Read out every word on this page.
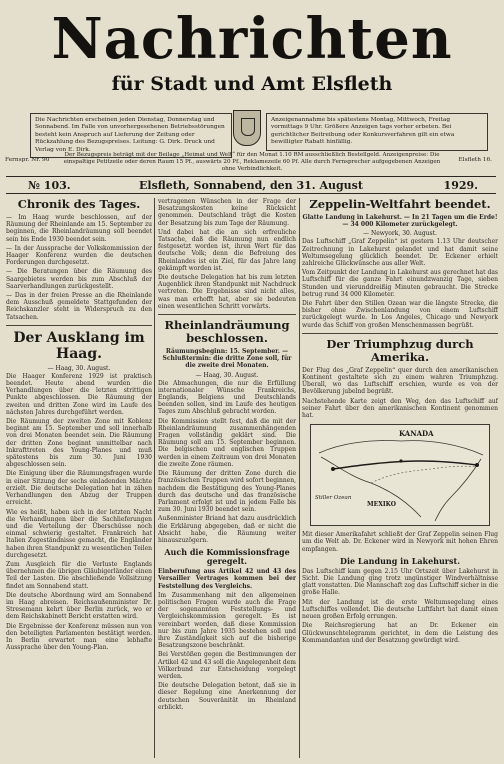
Nachrichten
für Stadt und Amt Elsfleth
Die Nachrichten erscheinen jeden Dienstag, Donnerstag und Sonnabend. Im Falle von unvorhergesehenen Betriebsstörungen besteht kein Anspruch auf Lieferung der Zeitung oder Rückzahlung des Bezugspreises. Leitung: G. Dirk. Druck und Verlag von E. Dirk.
Anzeigenannahme bis spätestens Montag, Mittwoch, Freitag vormittags 9 Uhr. Größere Anzeigen tags vorher erbeten. Bei gerichtlicher Beitreibung oder Konkursverfahren gilt ein etwa bewilligter Rabatt hinfällig.
Fernspr. Nr. 90
Der Bezugspreis beträgt mit der Beilage „Heimat und Welt“ für den Monat 1.10 RM ausschließlich Bestellgeld. Anzeigenpreise: Die einspaltige Petitzeile oder deren Raum 15 Pf., auswärts 20 Pf., Reklamezeile 60 Pf. Alle durch Fernsprecher aufgegebenen Anzeigen ohne Verbindlichkeit.
Elsfleth 16.
№ 103.	Elsfleth, Sonnabend, den 31. August	1929.
Chronik des Tages.

— Im Haag wurde beschlossen, auf der Räumung der Rheinlande am 15. September zu beginnen, die Rheinlandräumung soll beendet sein bis Ende 1930 beendet sein.

— In der Aussprache der Volkskommission der Haager Konferenz wurden die deutschen Forderungen durchgesetzt.

— Die Beratungen über die Räumung des Saargebietes werden bis zum Abschluß der Saarverhandlungen zurückgestellt.

— Das in der freien Presse an die Rheinlande dem Ausschuß gemeldete Stattgefunden der Reichskanzler steht in Widerspruch zu den Tatsachen.

Der Ausklang im Haag.
— Haag, 30. August.

Die Haager Konferenz 1929 ist praktisch beendet. Heute abend wurden die Verhandlungen über die letzten strittigen Punkte abgeschlossen. Die Räumung der zweiten und dritten Zone wird im Laufe des nächsten Jahres durchgeführt werden.

Die Räumung der zweiten Zone mit Koblenz beginnt am 15. September und soll innerhalb von drei Monaten beendet sein. Die Räumung der dritten Zone beginnt unmittelbar nach Inkrafttreten des Young-Planes und muß spätestens bis zum 30. Juni 1930 abgeschlossen sein.

Die Einigung über die Räumungsfragen wurde in einer Sitzung der sechs einladenden Mächte erzielt. Die deutsche Delegation hat in zähen Verhandlungen den Abzug der Truppen erreicht.

Wie es heißt, haben sich in der letzten Nacht die Verhandlungen über die Sachlieferungen und die Verteilung der Überschüsse noch einmal schwierig gestaltet. Frankreich hat Italien Zugeständnisse gemacht, die Engländer haben ihren Standpunkt zu wesentlichen Teilen durchgesetzt.

Zum Ausgleich für die Verluste Englands übernehmen die übrigen Gläubigerländer einen Teil der Lasten. Die abschließende Vollsitzung findet am Sonnabend statt.

Die deutsche Abordnung wird am Sonnabend im Haag abreisen. Reichsaußenminister Dr. Stresemann kehrt über Berlin zurück, wo er dem Reichskabinett Bericht erstatten wird.

Die Ergebnisse der Konferenz müssen nun von den beteiligten Parlamenten bestätigt werden. In Berlin erwartet man eine lebhafte Aussprache über den Young-Plan.

vertragenen Wünschen in der Frage der Besatzungskosten keine Rücksicht genommen. Deutschland trägt die Kosten der Besatzung bis zum Tage der Räumung.

Und dabei hat die an sich erfreuliche Tatsache, daß die Räumung nun endlich festgesetzt worden ist, ihren Wert für das deutsche Volk; denn die Befreiung des Rheinlandes ist ein Ziel, für das Jahre lang gekämpft worden ist.

Die deutsche Delegation hat bis zum letzten Augenblick ihren Standpunkt mit Nachdruck vertreten. Die Ergebnisse sind nicht alles, was man erhofft hat, aber sie bedeuten einen wesentlichen Schritt vorwärts.

Rheinlandräumung beschlossen.

Räumungsbeginn: 15. September. — Schlußtermin: die dritte Zone soll, für die zweite drei Monaten.

— Haag, 30. August.

Die Abmachungen, die nur die Erfüllung internationaler Wünsche Frankreichs, Englands, Belgiens und Deutschlands beenden sollen, sind im Laufe des heutigen Tages zum Abschluß gebracht worden.

Die Kommission stellt fest, daß die mit der Rheinlandräumung zusammenhängenden Fragen vollständig geklärt sind. Die Räumung soll am 15. September beginnen. Die belgischen und englischen Truppen werden in einem Zeitraum von drei Monaten die zweite Zone räumen.

Die Räumung der dritten Zone durch die französischen Truppen wird sofort beginnen, nachdem die Bestätigung des Young-Planes durch das deutsche und das französische Parlament erfolgt ist und in jedem Falle bis zum 30. Juni 1930 beendet sein.

Außenminister Briand hat dazu ausdrücklich die Erklärung abgegeben, daß er nicht die Absicht habe, die Räumung weiter hinauszuzögern.

Auch die Kommissionsfrage geregelt.

Einberufung aus Artikel 42 und 43 des Versailler Vertrages kommen bei der Feststellung des Vergleichs.

Im Zusammenhang mit den allgemeinen politischen Fragen wurde auch die Frage der sogenannten Feststellungs- und Vergleichskommission geregelt. Es ist vereinbart worden, daß diese Kommission nur bis zum Jahre 1935 bestehen soll und ihre Zuständigkeit sich auf die bisherige Besatzungszone beschränkt.

Bei Verstößen gegen die Bestimmungen der Artikel 42 und 43 soll die Angelegenheit dem Völkerbund zur Entscheidung vorgelegt werden.

Die deutsche Delegation betont, daß sie in dieser Regelung eine Anerkennung der deutschen Souveränität im Rheinland erblickt.

Zeppelin-Weltfahrt beendet.

Glatte Landung in Lakehurst. — In 21 Tagen um die Erde! — 34 000 Kilometer zurückgelegt.

— Newyork, 30. August.

Das Luftschiff „Graf Zeppelin“ ist gestern 1.13 Uhr deutscher Zeitrechnung in Lakehurst gelandet und hat damit seine Weltumsegelung glücklich beendet. Dr. Eckener erhielt zahlreiche Glückwünsche aus aller Welt.

Vom Zeitpunkt der Landung in Lakehurst aus gerechnet hat das Luftschiff für die ganze Fahrt einundzwanzig Tage, sieben Stunden und vierunddreißig Minuten gebraucht. Die Strecke betrug rund 34 000 Kilometer.

Die Fahrt über den Stillen Ozean war die längste Strecke, die bisher ohne Zwischenlandung von einem Luftschiff zurückgelegt wurde. In Los Angeles, Chicago und Newyork wurde das Schiff von großen Menschenmassen begrüßt.

Der Triumphzug durch Amerika.

Der Flug des „Graf Zeppelin“ quer durch den amerikanischen Kontinent gestaltete sich zu einem wahren Triumphzug. Überall, wo das Luftschiff erschien, wurde es von der Bevölkerung jubelnd begrüßt.

Nachstehende Karte zeigt den Weg, den das Luftschiff auf seiner Fahrt über den amerikanischen Kontinent genommen hat.

KANADA
MEXIKO
Stiller Ozean

Mit dieser Amerikafahrt schließt der Graf Zeppelin seinen Flug um die Welt ab. Dr. Eckener wird in Newyork mit hohen Ehren empfangen.

Die Landung in Lakehurst.

Das Luftschiff kam gegen 2.15 Uhr Ortszeit über Lakehurst in Sicht. Die Landung ging trotz ungünstiger Windverhältnisse glatt vonstatten. Die Mannschaft zog das Luftschiff sicher in die große Halle.

Mit der Landung ist die erste Weltumsegelung eines Luftschiffes vollendet. Die deutsche Luftfahrt hat damit einen neuen großen Erfolg errungen.

Die Reichsregierung hat an Dr. Eckener ein Glückwunschtelegramm gerichtet, in dem die Leistung des Kommandanten und der Besatzung gewürdigt wird.
